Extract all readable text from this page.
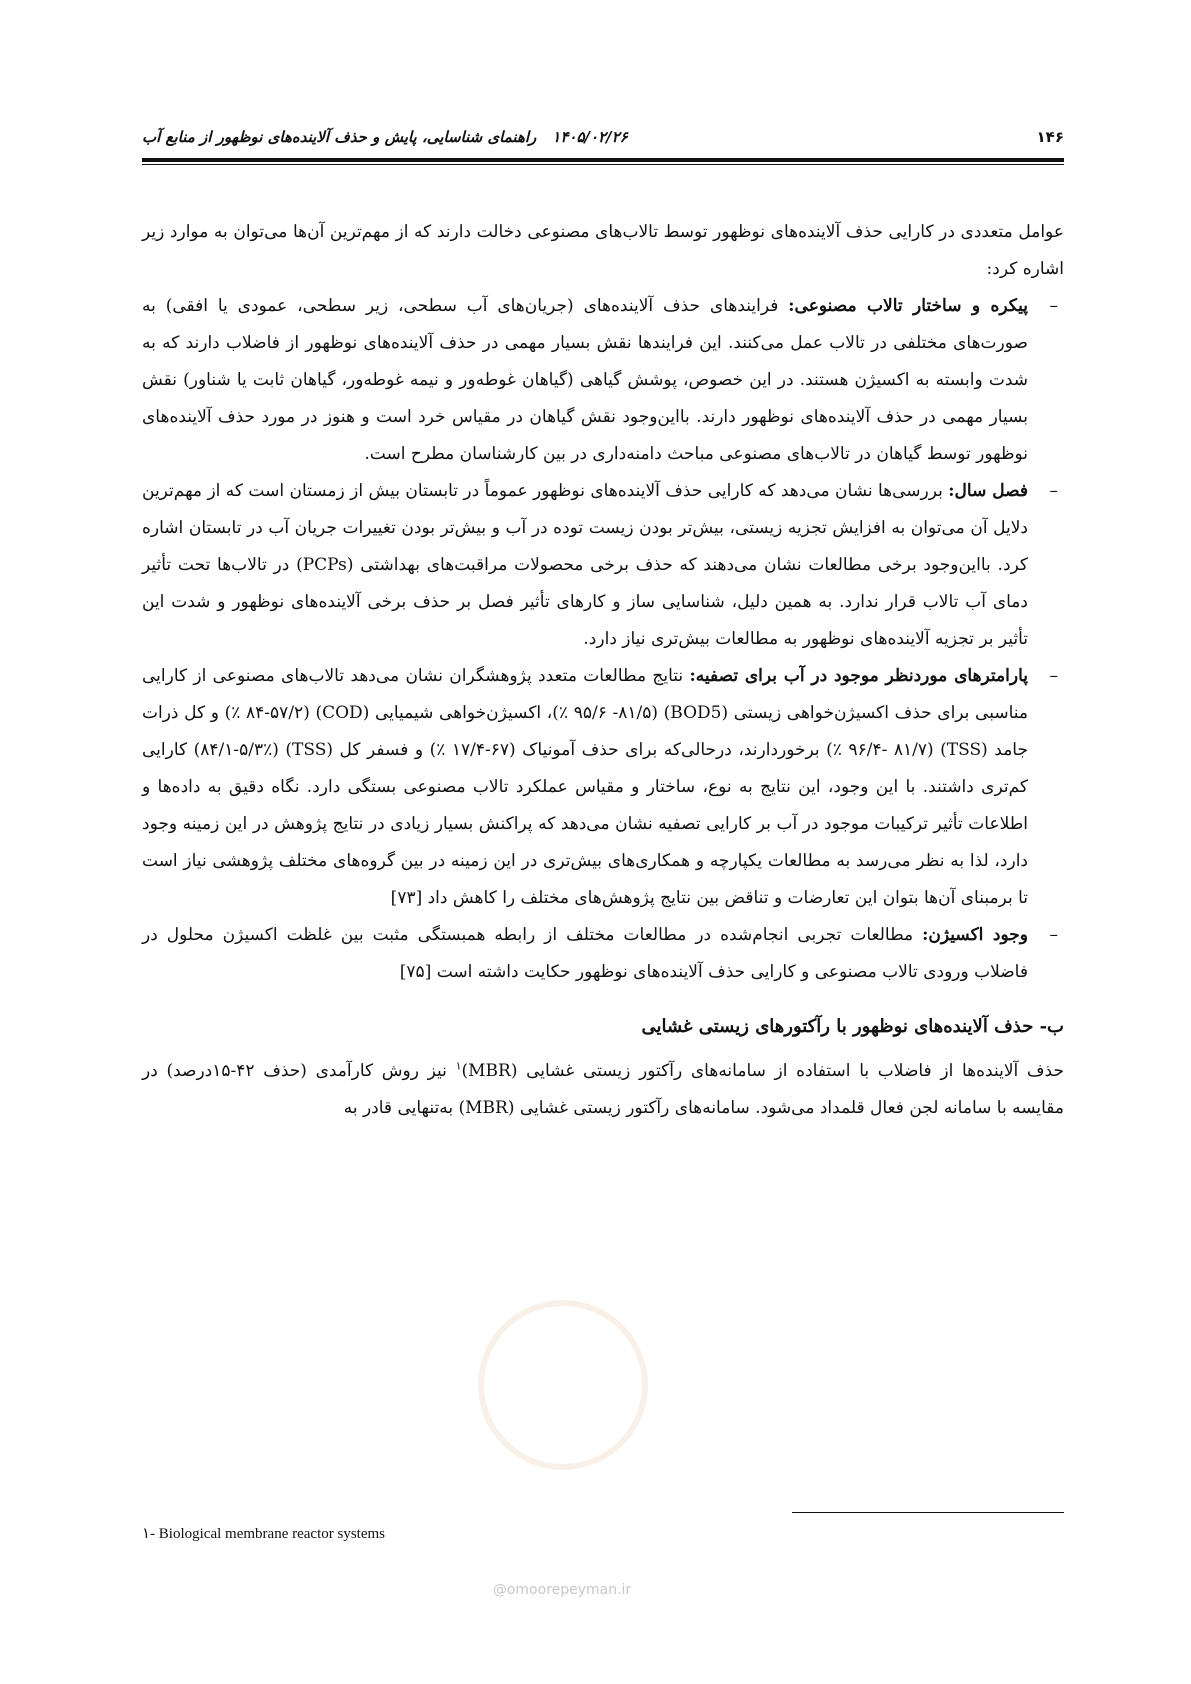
۱۴۶
۱۴۰۵/۰۲/۲۶
راهنمای شناسایی، پایش و حذف آلاینده‌های نوظهور از منابع آب

عوامل متعددی در کارایی حذف آلاینده‌های نوظهور توسط تالاب‌های مصنوعی دخالت دارند که از مهم‌ترین آن‌ها می‌توان به موارد زیر اشاره کرد:

– پیکره و ساختار تالاب مصنوعی: فرایندهای حذف آلاینده‌های (جریان‌های آب سطحی، زیر سطحی، عمودی یا افقی) به صورت‌های مختلفی در تالاب عمل می‌کنند. این فرایندها نقش بسیار مهمی در حذف آلاینده‌های نوظهور از فاضلاب دارند که به شدت وابسته به اکسیژن هستند. در این خصوص، پوشش گیاهی (گیاهان غوطه‌ور و نیمه غوطه‌ور، گیاهان ثابت یا شناور) نقش بسیار مهمی در حذف آلاینده‌های نوظهور دارند. بااین‌وجود نقش گیاهان در مقیاس خرد است و هنوز در مورد حذف آلاینده‌های نوظهور توسط گیاهان در تالاب‌های مصنوعی مباحث دامنه‌داری در بین کارشناسان مطرح است.
– فصل سال: بررسی‌ها نشان می‌دهد که کارایی حذف آلاینده‌های نوظهور عموماً در تابستان بیش از زمستان است که از مهم‌ترین دلایل آن می‌توان به افزایش تجزیه زیستی، بیش‌تر بودن زیست توده در آب و بیش‌تر بودن تغییرات جریان آب در تابستان اشاره کرد. بااین‌وجود برخی مطالعات نشان می‌دهند که حذف برخی محصولات مراقبت‌های بهداشتی (PCPs) در تالاب‌ها تحت تأثیر دمای آب تالاب قرار ندارد. به همین دلیل، شناسایی ساز و کارهای تأثیر فصل بر حذف برخی آلاینده‌های نوظهور و شدت این تأثیر بر تجزیه آلاینده‌های نوظهور به مطالعات بیش‌تری نیاز دارد.
– پارامترهای موردنظر موجود در آب برای تصفیه: نتایج مطالعات متعدد پژوهشگران نشان می‌دهد تالاب‌های مصنوعی از کارایی مناسبی برای حذف اکسیژن‌خواهی زیستی (BOD5) (۹۵/۶ -۸۱/۵ ٪)، اکسیژن‌خواهی شیمیایی (COD) (۸۴-۵۷/۲ ٪) و کل ذرات جامد (TSS) (۹۶/۴- ۸۱/۷ ٪) برخوردارند، درحالی‌که برای حذف آمونیاک (۶۷-۱۷/۴ ٪) و فسفر کل (TSS) (۸۴/۱-۵/۳٪) کارایی کم‌تری داشتند. با این وجود، این نتایج به نوع، ساختار و مقیاس عملکرد تالاب مصنوعی بستگی دارد. نگاه دقیق به داده‌ها و اطلاعات تأثیر ترکیبات موجود در آب بر کارایی تصفیه نشان می‌دهد که پراکنش بسیار زیادی در نتایج پژوهش در این زمینه وجود دارد، لذا به نظر می‌رسد به مطالعات یکپارچه و همکاری‌های بیش‌تری در این زمینه در بین گروه‌های مختلف پژوهشی نیاز است تا برمبنای آن‌ها بتوان این تعارضات و تناقض بین نتایج پژوهش‌های مختلف را کاهش داد [۷۳]
– وجود اکسیژن: مطالعات تجربی انجام‌شده در مطالعات مختلف از رابطه همبستگی مثبت بین غلظت اکسیژن محلول در فاضلاب ورودی تالاب مصنوعی و کارایی حذف آلاینده‌های نوظهور حکایت داشته است [۷۵]
ب- حذف آلاینده‌های نوظهور با رآکتورهای زیستی غشایی

حذف آلاینده‌ها از فاضلاب با استفاده از سامانه‌های رآکتور زیستی غشایی (MBR)$^۱$ نیز روش کارآمدی (حذف ۴۲-۱۵درصد) در مقایسه با سامانه لجن فعال قلمداد می‌شود. سامانه‌های رآکتور زیستی غشایی (MBR) به‌تنهایی قادر به

۱- Biological membrane reactor systems
@omoorepeyman.ir
